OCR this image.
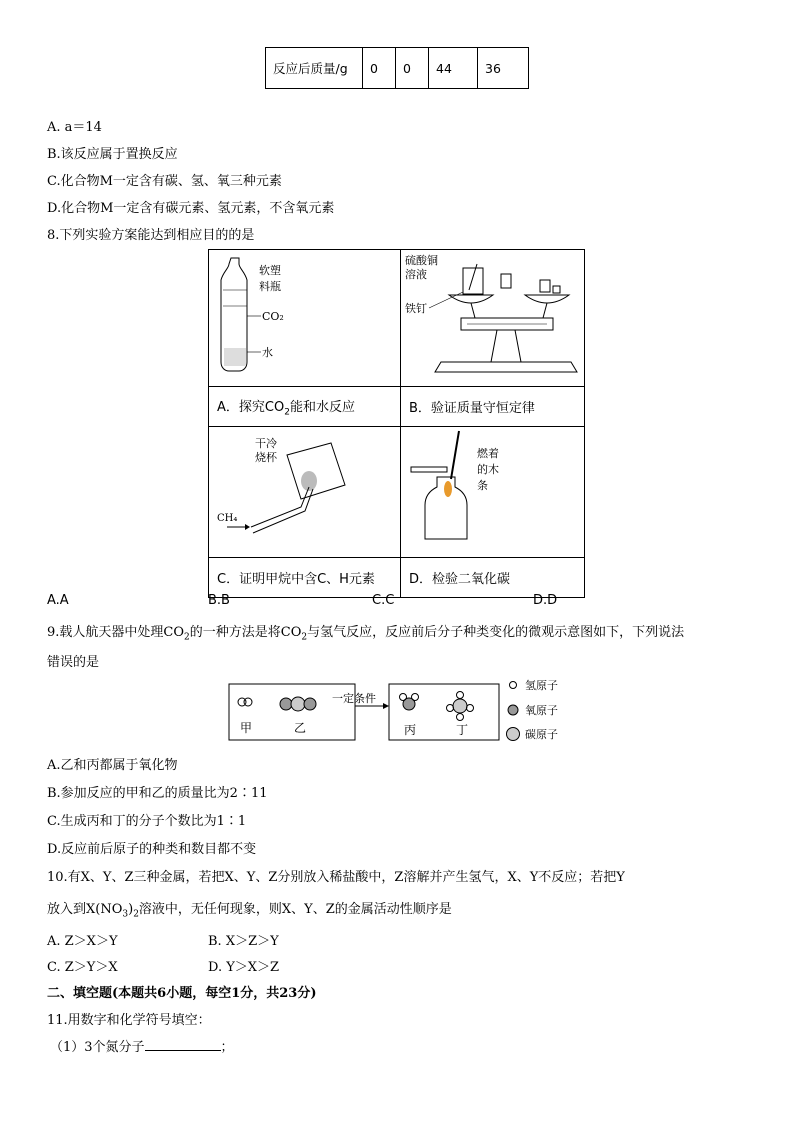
反应后质量/g	0	0	44	36
A. a＝14
B.该反应属于置换反应
C.化合物M一定含有碳、氢、氧三种元素
D.化合物M一定含有碳元素、氢元素，不含氧元素
8.下列实验方案能达到相应目的的是
软塑
料瓶
CO₂
水	硫酸铜
溶液
铁钉

A．探究$CO_2$能和水反应	B．验证质量守恒定律

干冷
烧杯
CH₄	燃着
的木
条

C．证明甲烷中含C、H元素	D．检验二氧化碳
A.A	B.B	C.C	D.D
9.载人航天器中处理$CO_2$的一种方法是将$CO_2$与氢气反应，反应前后分子种类变化的微观示意图如下，下列说法
错误的是
一定条件
甲	乙	丙	丁
氢原子
氧原子
碳原子
A.乙和丙都属于氧化物
B.参加反应的甲和乙的质量比为2∶11
C.生成丙和丁的分子个数比为1∶1
D.反应前后原子的种类和数目都不变
10.有X、Y、Z三种金属，若把X、Y、Z分别放入稀盐酸中，Z溶解并产生氢气，X、Y不反应；若把Y
放入到$X(NO_3)_2$溶液中，无任何现象，则X、Y、Z的金属活动性顺序是
A. Z＞X＞Y	B. X＞Z＞Y
C. Z＞Y＞X	D. Y＞X＞Z
二、填空题(本题共6小题，每空1分，共23分)
11.用数字和化学符号填空：
（1）3个氮分子	；
